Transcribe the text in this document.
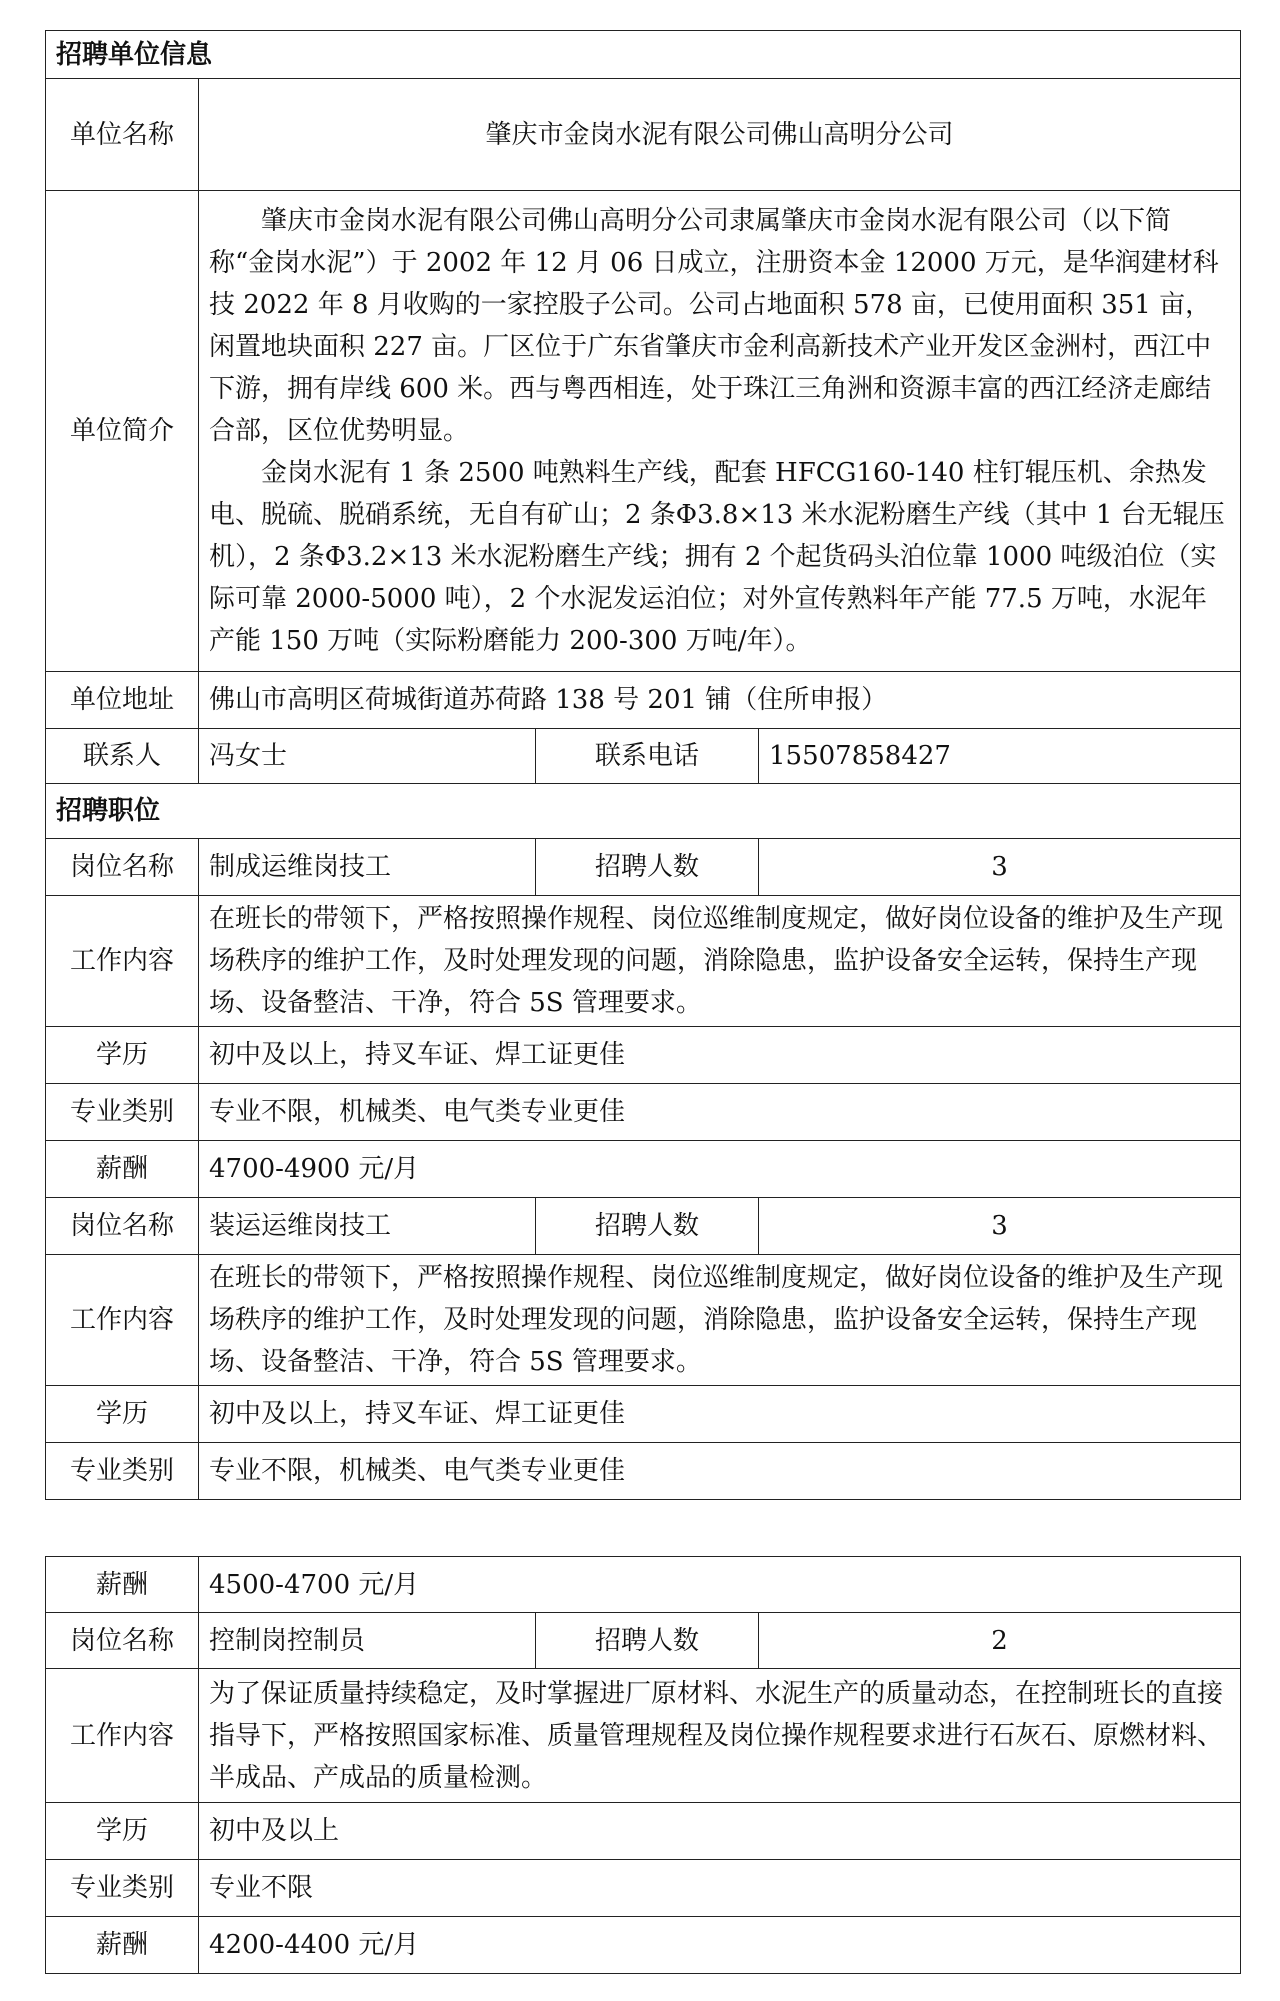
招聘单位信息			
单位名称	肇庆市金岗水泥有限公司佛山高明分公司		
单位简介	肇庆市金岗水泥有限公司佛山高明分公司隶属肇庆市金岗水泥有限公司（以下简称“金岗水泥”）于 2002 年 12 月 06 日成立，注册资本金 12000 万元，是华润建材科技 2022 年 8 月收购的一家控股子公司。公司占地面积 578 亩，已使用面积 351 亩，闲置地块面积 227 亩。厂区位于广东省肇庆市金利高新技术产业开发区金洲村，西江中下游，拥有岸线 600 米。西与粤西相连，处于珠江三角洲和资源丰富的西江经济走廊结合部，区位优势明显。

金岗水泥有 1 条 2500 吨熟料生产线，配套 HFCG160-140 柱钉辊压机、余热发电、脱硫、脱硝系统，无自有矿山；2 条Φ3.8×13 米水泥粉磨生产线（其中 1 台无辊压机），2 条Φ3.2×13 米水泥粉磨生产线；拥有 2 个起货码头泊位靠 1000 吨级泊位（实际可靠 2000-5000 吨），2 个水泥发运泊位；对外宣传熟料年产能 77.5 万吨，水泥年产能 150 万吨（实际粉磨能力 200-300 万吨/年）。		

单位地址	佛山市高明区荷城街道苏荷路 138 号 201 铺（住所申报）		
联系人	冯女士	联系电话	15507858427
招聘职位			
岗位名称	制成运维岗技工	招聘人数	3
工作内容	在班长的带领下，严格按照操作规程、岗位巡维制度规定，做好岗位设备的维护及生产现场秩序的维护工作，及时处理发现的问题，消除隐患，监护设备安全运转，保持生产现场、设备整洁、干净，符合 5S 管理要求。		
学历	初中及以上，持叉车证、焊工证更佳		
专业类别	专业不限，机械类、电气类专业更佳		
薪酬	4700-4900 元/月		
岗位名称	装运运维岗技工	招聘人数	3
工作内容	在班长的带领下，严格按照操作规程、岗位巡维制度规定，做好岗位设备的维护及生产现场秩序的维护工作，及时处理发现的问题，消除隐患，监护设备安全运转，保持生产现场、设备整洁、干净，符合 5S 管理要求。		
学历	初中及以上，持叉车证、焊工证更佳		
专业类别	专业不限，机械类、电气类专业更佳		
薪酬	4500-4700 元/月		
岗位名称	控制岗控制员	招聘人数	2
工作内容	为了保证质量持续稳定，及时掌握进厂原材料、水泥生产的质量动态，在控制班长的直接指导下，严格按照国家标准、质量管理规程及岗位操作规程要求进行石灰石、原燃材料、半成品、产成品的质量检测。		
学历	初中及以上		
专业类别	专业不限		
薪酬	4200-4400 元/月		
